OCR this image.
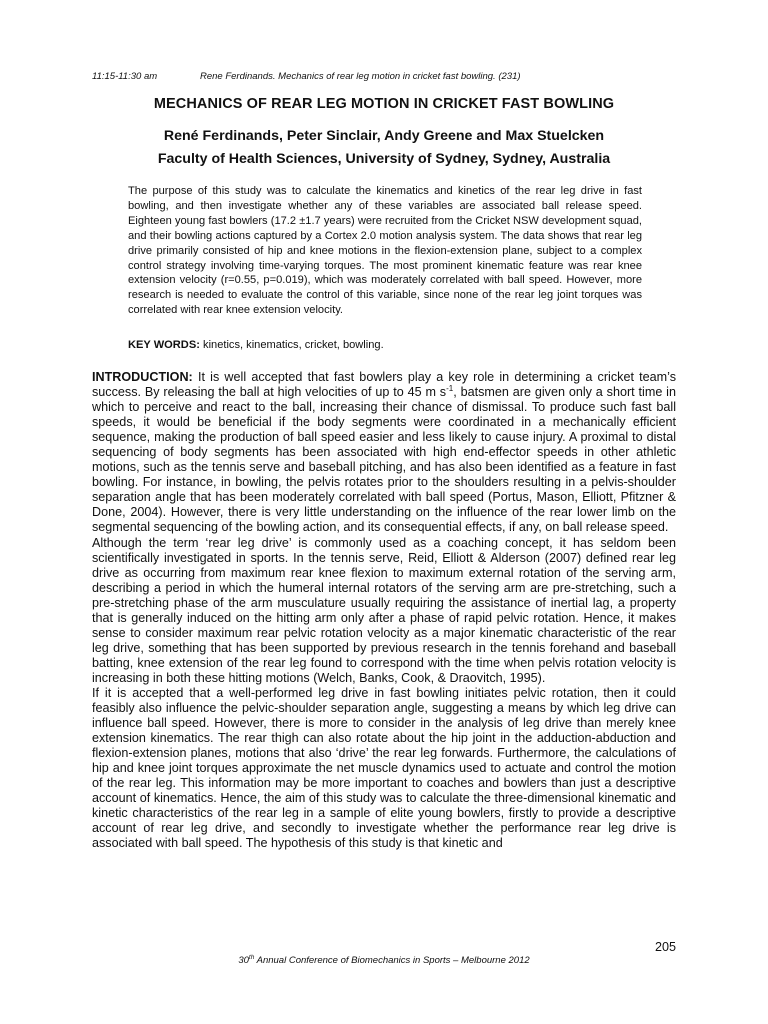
11:15-11:30 am	Rene Ferdinands. Mechanics of rear leg motion in cricket fast bowling. (231)
MECHANICS OF REAR LEG MOTION IN CRICKET FAST BOWLING
René Ferdinands, Peter Sinclair, Andy Greene and Max Stuelcken
Faculty of Health Sciences, University of Sydney, Sydney, Australia

The purpose of this study was to calculate the kinematics and kinetics of the rear leg drive in fast bowling, and then investigate whether any of these variables are associated ball release speed. Eighteen young fast bowlers (17.2 ±1.7 years) were recruited from the Cricket NSW development squad, and their bowling actions captured by a Cortex 2.0 motion analysis system. The data shows that rear leg drive primarily consisted of hip and knee motions in the flexion-extension plane, subject to a complex control strategy involving time-varying torques. The most prominent kinematic feature was rear knee extension velocity (r=0.55, p=0.019), which was moderately correlated with ball speed. However, more research is needed to evaluate the control of this variable, since none of the rear leg joint torques was correlated with rear knee extension velocity.

KEY WORDS: kinetics, kinematics, cricket, bowling.

INTRODUCTION: It is well accepted that fast bowlers play a key role in determining a cricket team’s success. By releasing the ball at high velocities of up to 45 m $s^{-1}$, batsmen are given only a short time in which to perceive and react to the ball, increasing their chance of dismissal. To produce such fast ball speeds, it would be beneficial if the body segments were coordinated in a mechanically efficient sequence, making the production of ball speed easier and less likely to cause injury. A proximal to distal sequencing of body segments has been associated with high end-effector speeds in other athletic motions, such as the tennis serve and baseball pitching, and has also been identified as a feature in fast bowling. For instance, in bowling, the pelvis rotates prior to the shoulders resulting in a pelvis-shoulder separation angle that has been moderately correlated with ball speed (Portus, Mason, Elliott, Pfitzner & Done, 2004). However, there is very little understanding on the influence of the rear lower limb on the segmental sequencing of the bowling action, and its consequential effects, if any, on ball release speed.

Although the term ‘rear leg drive’ is commonly used as a coaching concept, it has seldom been scientifically investigated in sports. In the tennis serve, Reid, Elliott & Alderson (2007) defined rear leg drive as occurring from maximum rear knee flexion to maximum external rotation of the serving arm, describing a period in which the humeral internal rotators of the serving arm are pre-stretching, such a pre-stretching phase of the arm musculature usually requiring the assistance of inertial lag, a property that is generally induced on the hitting arm only after a phase of rapid pelvic rotation. Hence, it makes sense to consider maximum rear pelvic rotation velocity as a major kinematic characteristic of the rear leg drive, something that has been supported by previous research in the tennis forehand and baseball batting, knee extension of the rear leg found to correspond with the time when pelvis rotation velocity is increasing in both these hitting motions (Welch, Banks, Cook, & Draovitch, 1995).

If it is accepted that a well-performed leg drive in fast bowling initiates pelvic rotation, then it could feasibly also influence the pelvic-shoulder separation angle, suggesting a means by which leg drive can influence ball speed. However, there is more to consider in the analysis of leg drive than merely knee extension kinematics. The rear thigh can also rotate about the hip joint in the adduction-abduction and flexion-extension planes, motions that also ‘drive’ the rear leg forwards. Furthermore, the calculations of hip and knee joint torques approximate the net muscle dynamics used to actuate and control the motion of the rear leg. This information may be more important to coaches and bowlers than just a descriptive account of kinematics. Hence, the aim of this study was to calculate the three-dimensional kinematic and kinetic characteristics of the rear leg in a sample of elite young bowlers, firstly to provide a descriptive account of rear leg drive, and secondly to investigate whether the performance rear leg drive is associated with ball speed. The hypothesis of this study is that kinetic and

205
30th Annual Conference of Biomechanics in Sports – Melbourne 2012
